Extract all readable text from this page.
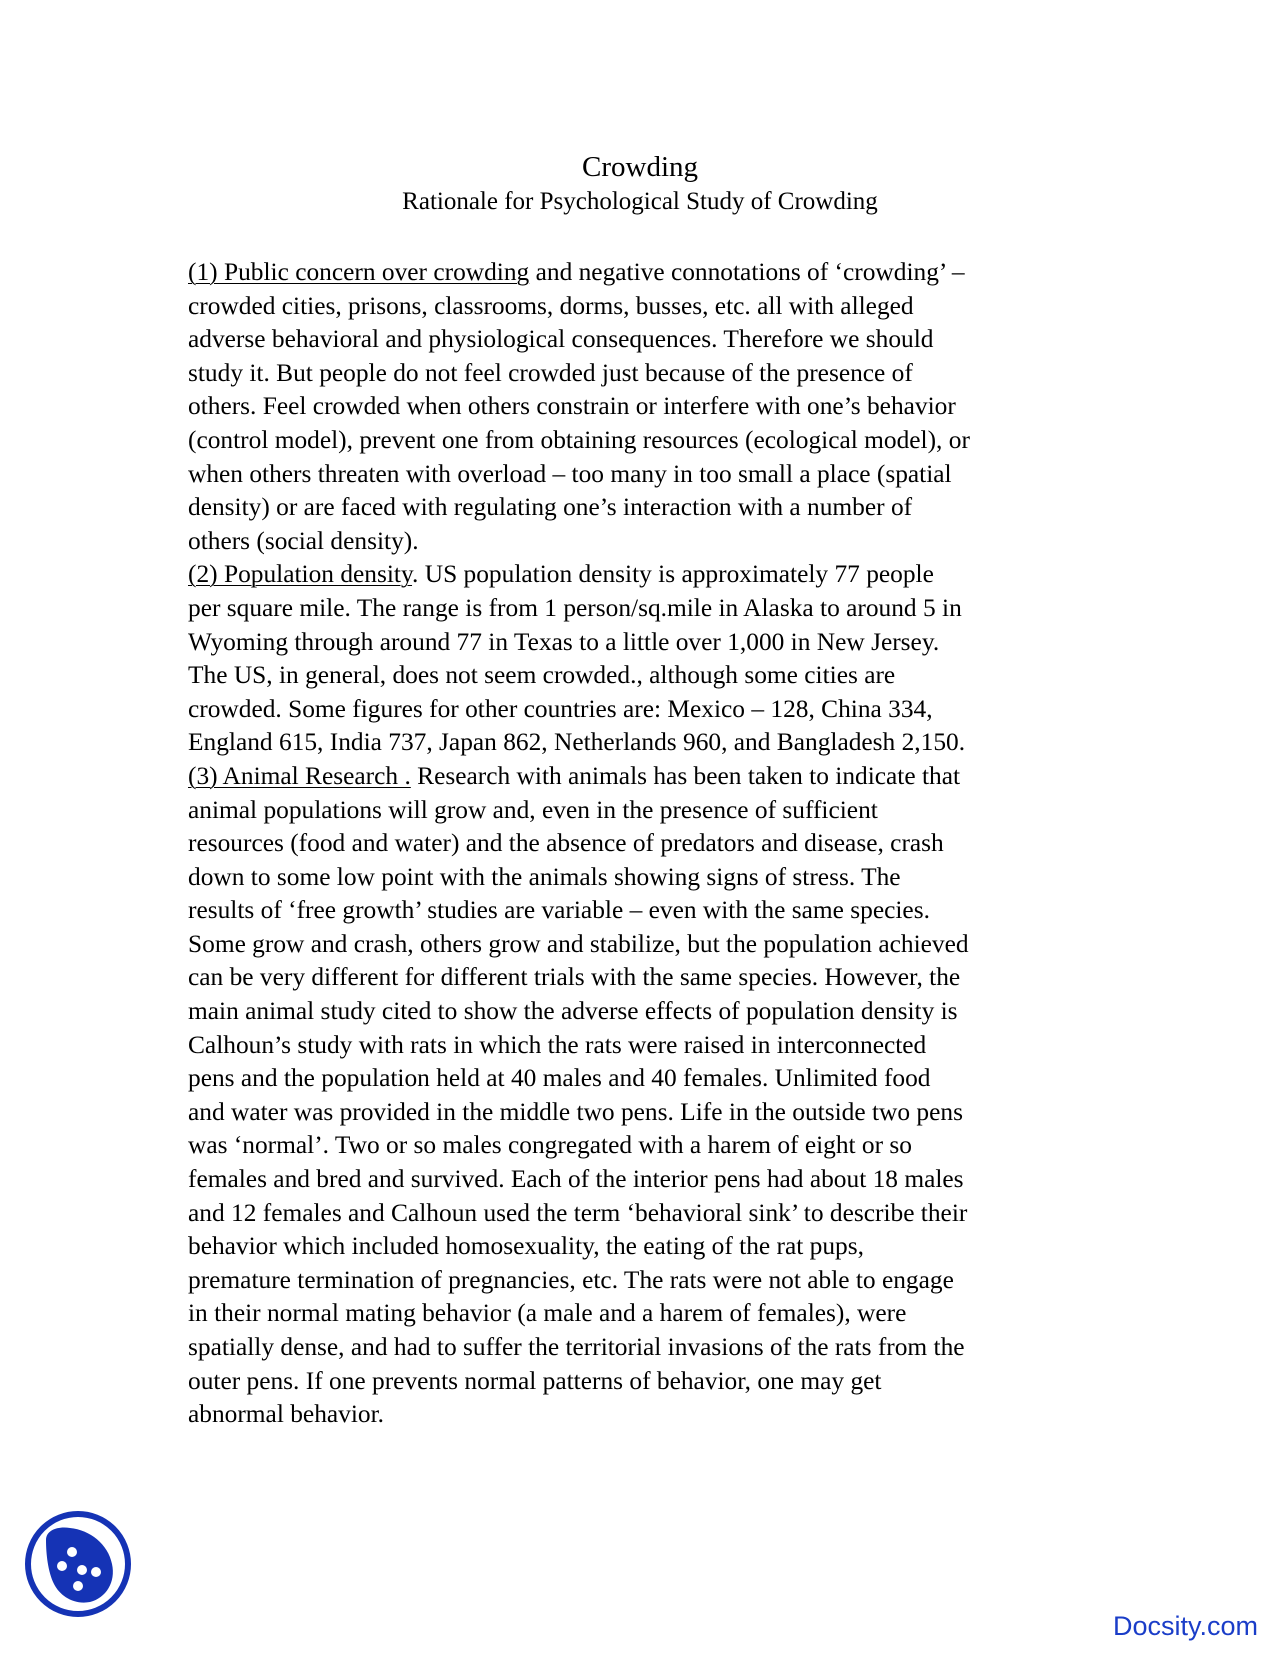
Crowding
Rationale for Psychological Study of Crowding
(1) Public concern over crowding and negative connotations of ‘crowding’ –
crowded cities, prisons, classrooms, dorms, busses, etc. all with alleged
adverse behavioral and physiological consequences. Therefore we should
study it. But people do not feel crowded just because of the presence of
others. Feel crowded when others constrain or interfere with one’s behavior
(control model), prevent one from obtaining resources (ecological model), or
when others threaten with overload – too many in too small a place (spatial
density) or are faced with regulating one’s interaction with a number of
others (social density).
(2) Population density. US population density is approximately 77 people
per square mile. The range is from 1 person/sq.mile in Alaska to around 5 in
Wyoming through around 77 in Texas to a little over 1,000 in New Jersey.
The US, in general, does not seem crowded., although some cities are
crowded. Some figures for other countries are: Mexico – 128, China 334,
England 615, India 737, Japan 862, Netherlands 960, and Bangladesh 2,150.
(3) Animal Research . Research with animals has been taken to indicate that
animal populations will grow and, even in the presence of sufficient
resources (food and water) and the absence of predators and disease, crash
down to some low point with the animals showing signs of stress. The
results of ‘free growth’ studies are variable – even with the same species.
Some grow and crash, others grow and stabilize, but the population achieved
can be very different for different trials with the same species. However, the
main animal study cited to show the adverse effects of population density is
Calhoun’s study with rats in which the rats were raised in interconnected
pens and the population held at 40 males and 40 females. Unlimited food
and water was provided in the middle two pens. Life in the outside two pens
was ‘normal’. Two or so males congregated with a harem of eight or so
females and bred and survived. Each of the interior pens had about 18 males
and 12 females and Calhoun used the term ‘behavioral sink’ to describe their
behavior which included homosexuality, the eating of the rat pups,
premature termination of pregnancies, etc. The rats were not able to engage
in their normal mating behavior (a male and a harem of females), were
spatially dense, and had to suffer the territorial invasions of the rats from the
outer pens. If one prevents normal patterns of behavior, one may get
abnormal behavior.
Docsity.com
